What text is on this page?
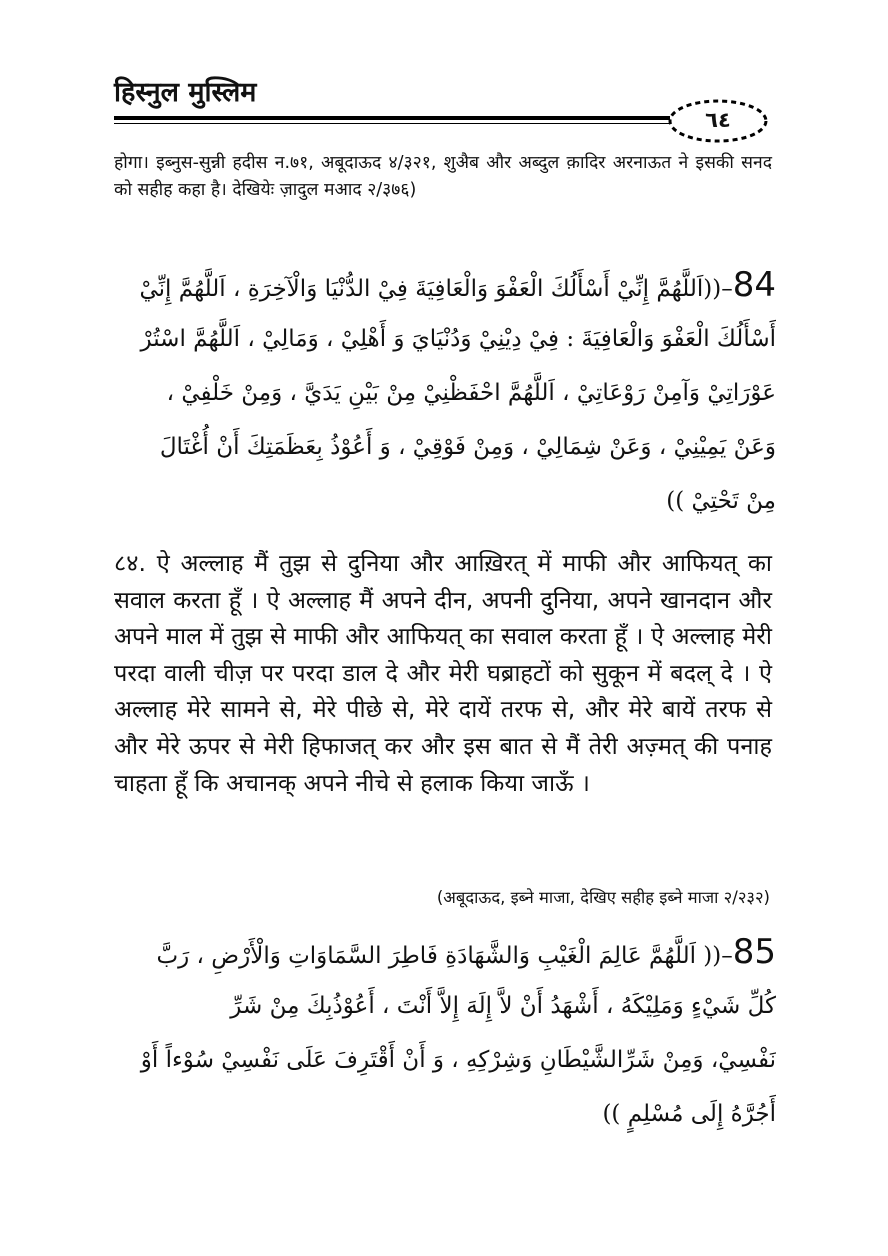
हिस्नुल मुस्लिम
٦٤
होगा। इब्नुस-सुन्नी हदीस न.७१, अबूदाऊद ४/३२१, शुअैब और अब्दुल क़ादिर अरनाऊत ने इसकी सनद को सहीह कहा है। देखियेः ज़ादुल मआद २/३७६)
84–((اَللَّهُمَّ إِنِّيْ أَسْأَلُكَ الْعَفْوَ وَالْعَافِيَةَ فِيْ الدُّنْيَا وَالْآخِرَةِ ، اَللَّهُمَّ إِنِّيْ
أَسْأَلُكَ الْعَفْوَ وَالْعَافِيَةَ : فِيْ دِيْنِيْ وَدُنْيَايَ وَ أَهْلِيْ ، وَمَالِيْ ، اَللَّهُمَّ اسْتُرْ
عَوْرَاتِيْ وَآمِنْ رَوْعَاتِيْ ، اَللَّهُمَّ احْفَظْنِيْ مِنْ بَيْنِ يَدَيَّ ، وَمِنْ خَلْفِيْ ،
وَعَنْ يَمِيْنِيْ ، وَعَنْ شِمَالِيْ ، وَمِنْ فَوْقِيْ ، وَ أَعُوْذُ بِعَظَمَتِكَ أَنْ أُغْتَالَ
مِنْ تَحْتِيْ ))
८४. ऐ अल्लाह मैं तुझ से दुनिया और आख़िरत् में माफी और आफियत् का सवाल करता हूँ । ऐ अल्लाह मैं अपने दीन, अपनी दुनिया, अपने खानदान और अपने माल में तुझ से माफी और आफियत् का सवाल करता हूँ । ऐ अल्लाह मेरी परदा वाली चीज़ पर परदा डाल दे और मेरी घब्राहटों को सुकून में बदल् दे । ऐ अल्लाह मेरे सामने से, मेरे पीछे से, मेरे दायें तरफ से, और मेरे बायें तरफ से और मेरे ऊपर से मेरी हिफाजत् कर और इस बात से मैं तेरी अज़्मत् की पनाह चाहता हूँ कि अचानक् अपने नीचे से हलाक किया जाऊँ ।
(अबूदाऊद, इब्ने माजा, देखिए सहीह इब्ने माजा २/२३२)
85–(( اَللَّهُمَّ عَالِمَ الْغَيْبِ وَالشَّهَادَةِ فَاطِرَ السَّمَاوَاتِ وَالْأَرْضِ ، رَبَّ
كُلِّ شَيْءٍ وَمَلِيْكَهُ ، أَشْهَدُ أَنْ لاَّ إِلَهَ إِلاَّ أَنْتَ ، أَعُوْذُبِكَ مِنْ شَرِّ
نَفْسِيْ، وَمِنْ شَرِّالشَّيْطَانِ وَشِرْكِهِ ، وَ أَنْ أَقْتَرِفَ عَلَى نَفْسِيْ سُوْءاً أَوْ
أَجُرَّهُ إِلَى مُسْلِمٍ ))
